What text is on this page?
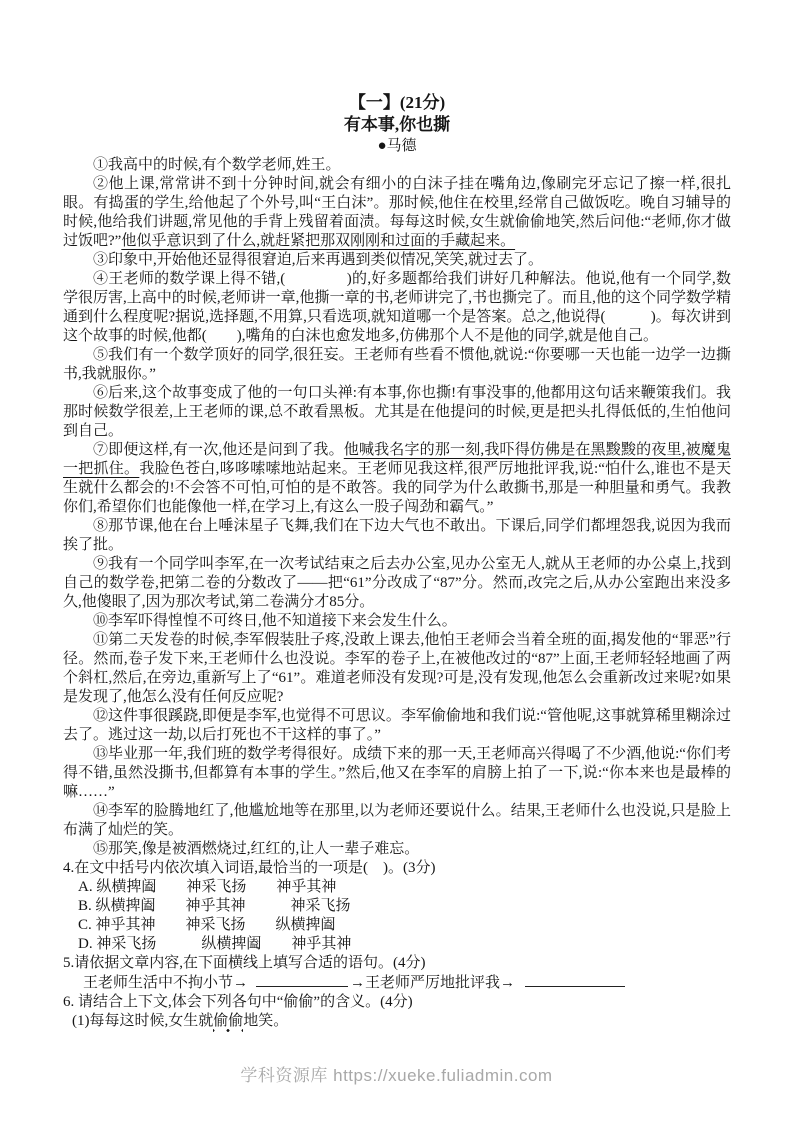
【一】(21分)
有本事,你也撕
●马德

①我高中的时候,有个数学老师,姓王。

②他上课,常常讲不到十分钟时间,就会有细小的白沫子挂在嘴角边,像刷完牙忘记了擦一样,很扎眼。有捣蛋的学生,给他起了个外号,叫“王白沫”。那时候,他住在校里,经常自己做饭吃。晚自习辅导的时候,他给我们讲题,常见他的手背上残留着面渍。每每这时候,女生就偷偷地笑,然后问他:“老师,你才做过饭吧?”他似乎意识到了什么,就赶紧把那双刚刚和过面的手藏起来。

③印象中,开始他还显得很窘迫,后来再遇到类似情况,笑笑,就过去了。

④王老师的数学课上得不错,(　　　　)的,好多题都给我们讲好几种解法。他说,他有一个同学,数学很厉害,上高中的时候,老师讲一章,他撕一章的书,老师讲完了,书也撕完了。而且,他的这个同学数学精通到什么程度呢?据说,选择题,不用算,只看选项,就知道哪一个是答案。总之,他说得(　　　)。每次讲到这个故事的时候,他都(　　),嘴角的白沫也愈发地多,仿佛那个人不是他的同学,就是他自己。

⑤我们有一个数学顶好的同学,很狂妄。王老师有些看不惯他,就说:“你要哪一天也能一边学一边撕书,我就服你。”

⑥后来,这个故事变成了他的一句口头禅:有本事,你也撕!有事没事的,他都用这句话来鞭策我们。我那时候数学很差,上王老师的课,总不敢看黑板。尤其是在他提问的时候,更是把头扎得低低的,生怕他问到自己。

⑦即便这样,有一次,他还是问到了我。他喊我名字的那一刻,我吓得仿佛是在黑黢黢的夜里,被魔鬼一把抓住。我脸色苍白,哆哆嗦嗦地站起来。王老师见我这样,很严厉地批评我,说:“怕什么,谁也不是天生就什么都会的!不会答不可怕,可怕的是不敢答。我的同学为什么敢撕书,那是一种胆量和勇气。我教你们,希望你们也能像他一样,在学习上,有这么一股子闯劲和霸气。”

⑧那节课,他在台上唾沫星子飞舞,我们在下边大气也不敢出。下课后,同学们都埋怨我,说因为我而挨了批。

⑨我有一个同学叫李军,在一次考试结束之后去办公室,见办公室无人,就从王老师的办公桌上,找到自己的数学卷,把第二卷的分数改了——把“61”分改成了“87”分。然而,改完之后,从办公室跑出来没多久,他傻眼了,因为那次考试,第二卷满分才85分。

⑩李军吓得惶惶不可终日,他不知道接下来会发生什么。

⑪第二天发卷的时候,李军假装肚子疼,没敢上课去,他怕王老师会当着全班的面,揭发他的“罪恶”行径。然而,卷子发下来,王老师什么也没说。李军的卷子上,在被他改过的“87”上面,王老师轻轻地画了两个斜杠,然后,在旁边,重新写上了“61”。难道老师没有发现?可是,没有发现,他怎么会重新改过来呢?如果是发现了,他怎么没有任何反应呢?

⑫这件事很蹊跷,即便是李军,也觉得不可思议。李军偷偷地和我们说:“管他呢,这事就算稀里糊涂过去了。逃过这一劫,以后打死也不干这样的事了。”

⑬毕业那一年,我们班的数学考得很好。成绩下来的那一天,王老师高兴得喝了不少酒,他说:“你们考得不错,虽然没撕书,但都算有本事的学生。”然后,他又在李军的肩膀上拍了一下,说:“你本来也是最棒的嘛……”

⑭李军的脸腾地红了,他尴尬地等在那里,以为老师还要说什么。结果,王老师什么也没说,只是脸上布满了灿烂的笑。

⑮那笑,像是被酒燃烧过,红红的,让人一辈子难忘。

4.在文中括号内依次填入词语,最恰当的一项是(　)。(3分)

A. 纵横捭阖　　神采飞扬　　神乎其神

B. 纵横捭阖　　神乎其神　　　神采飞扬

C. 神乎其神　　神采飞扬　　纵横捭阖

D. 神采飞扬　　　纵横捭阖　　神乎其神

5.请依据文章内容,在下面横线上填写合适的语句。(4分)

王老师生活中不拘小节→	→王老师严厉地批评我→

6. 请结合上下文,体会下列各句中“偷偷”的含义。(4分)

(1)每每这时候,女生就偷偷地笑。

学科资源库 https://xueke.fuliadmin.com
